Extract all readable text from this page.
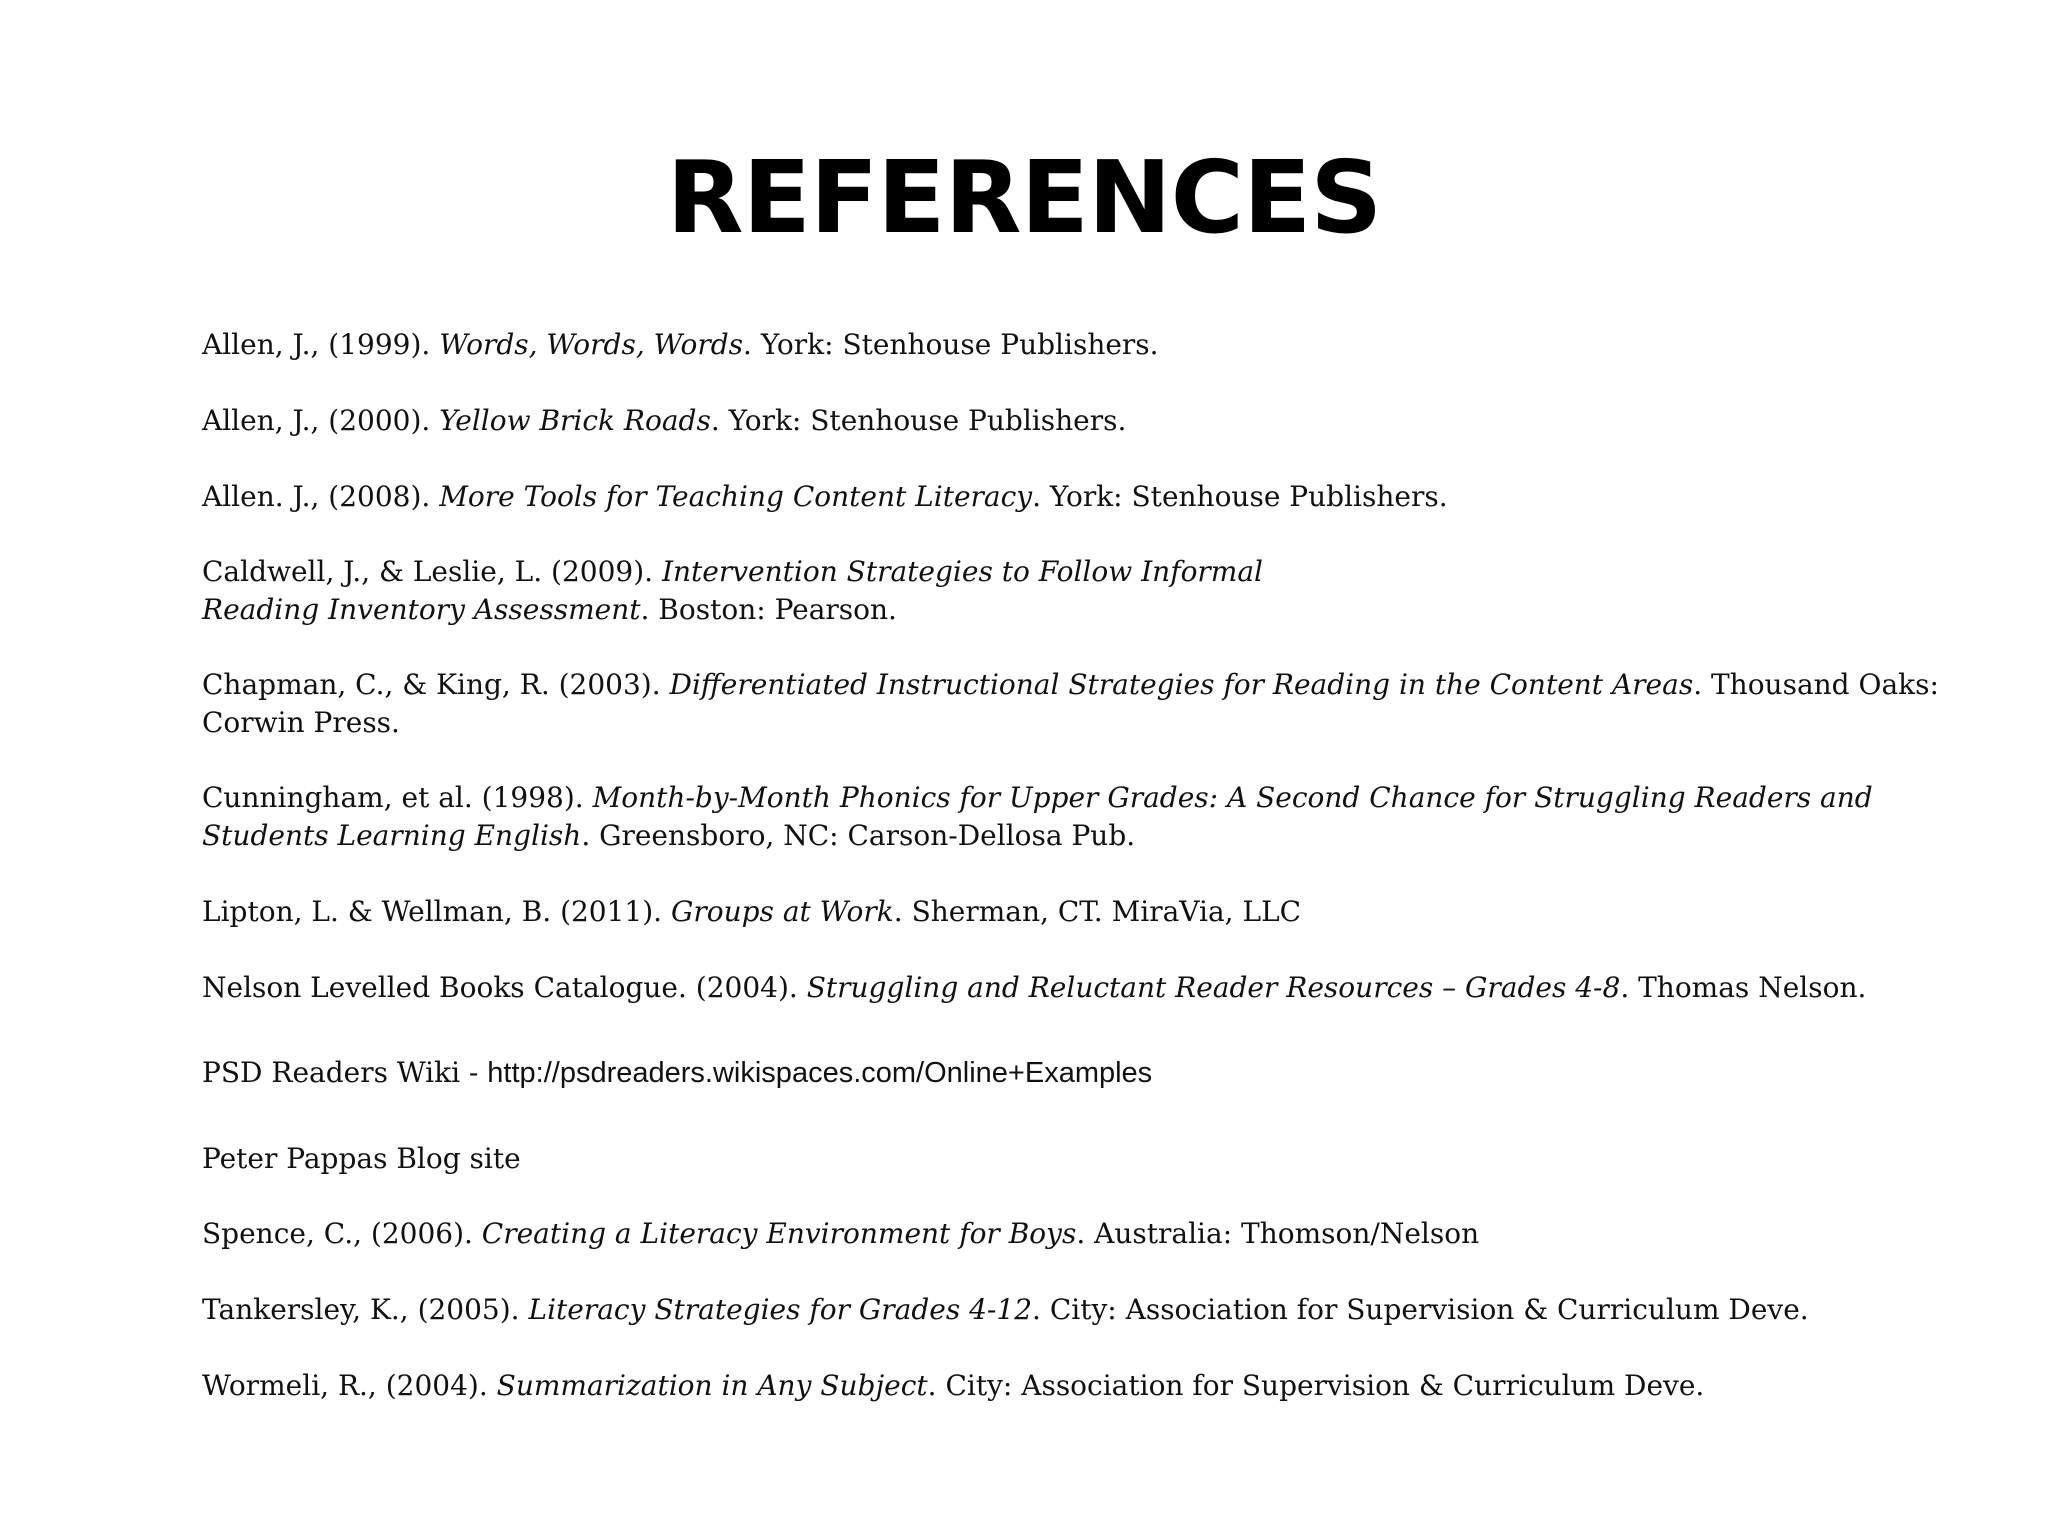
REFERENCES

Allen, J., (1999). Words, Words, Words. York: Stenhouse Publishers.

Allen, J., (2000). Yellow Brick Roads. York: Stenhouse Publishers.

Allen. J., (2008). More Tools for Teaching Content Literacy. York: Stenhouse Publishers.

Caldwell, J., & Leslie, L. (2009). Intervention Strategies to Follow Informal
Reading Inventory Assessment. Boston: Pearson.

Chapman, C., & King, R. (2003). Differentiated Instructional Strategies for Reading in the Content Areas. Thousand Oaks: Corwin Press.

Cunningham, et al. (1998). Month-by-Month Phonics for Upper Grades: A Second Chance for Struggling Readers and Students Learning English. Greensboro, NC: Carson-Dellosa Pub.

Lipton, L. & Wellman, B. (2011). Groups at Work. Sherman, CT. MiraVia, LLC

Nelson Levelled Books Catalogue. (2004). Struggling and Reluctant Reader Resources – Grades 4-8. Thomas Nelson.

PSD Readers Wiki - http://psdreaders.wikispaces.com/Online+Examples

Peter Pappas Blog site

Spence, C., (2006). Creating a Literacy Environment for Boys. Australia: Thomson/Nelson

Tankersley, K., (2005). Literacy Strategies for Grades 4-12. City: Association for Supervision & Curriculum Deve.

Wormeli, R., (2004). Summarization in Any Subject. City: Association for Supervision & Curriculum Deve.
